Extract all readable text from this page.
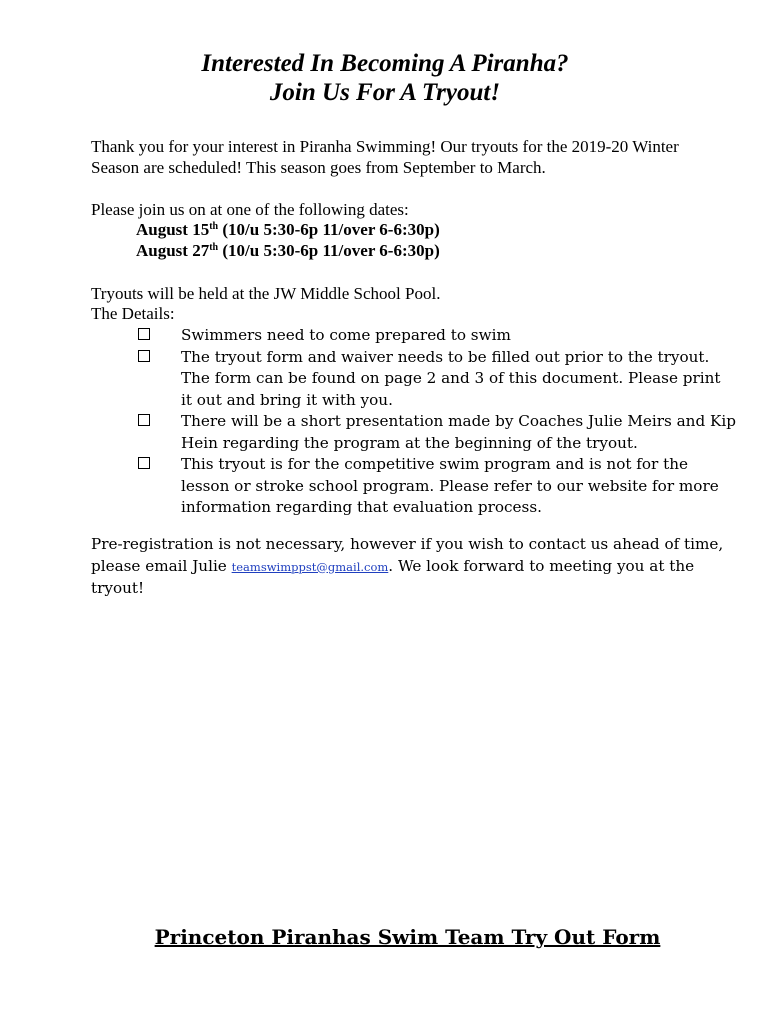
Interested In Becoming A Piranha?
Join Us For A Tryout!

Thank you for your interest in Piranha Swimming! Our tryouts for the 2019-20 Winter Season are scheduled! This season goes from September to March.

Please join us on at one of the following dates:

August 15th (10/u 5:30-6p 11/over 6-6:30p)
August 27th (10/u 5:30-6p 11/over 6-6:30p)

Tryouts will be held at the JW Middle School Pool.

The Details:

Swimmers need to come prepared to swim
The tryout form and waiver needs to be filled out prior to the tryout. The form can be found on page 2 and 3 of this document. Please print it out and bring it with you.
There will be a short presentation made by Coaches Julie Meirs and Kip Hein regarding the program at the beginning of the tryout.
This tryout is for the competitive swim program and is not for the lesson or stroke school program. Please refer to our website for more information regarding that evaluation process.

Pre-registration is not necessary, however if you wish to contact us ahead of time, please email Julie teamswimppst@gmail.com. We look forward to meeting you at the tryout!

Princeton Piranhas Swim Team Try Out Form
